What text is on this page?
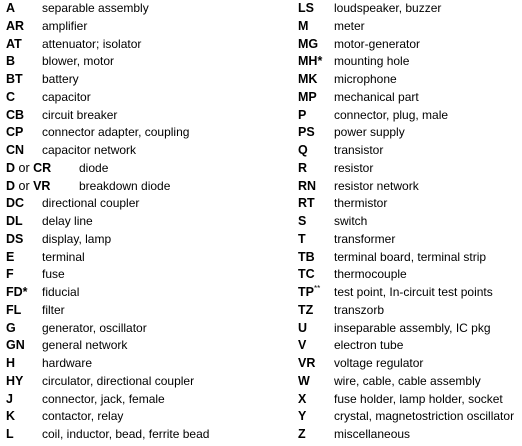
A separable assembly
AR amplifier
AT attenuator; isolator
B blower, motor
BT battery
C capacitor
CB circuit breaker
CP connector adapter, coupling
CN capacitor network
D or CR diode
D or VR breakdown diode
DC directional coupler
DL delay line
DS display, lamp
E terminal
F fuse
FD* fiducial
FL filter
G generator, oscillator
GN general network
H hardware
HY circulator, directional coupler
J connector, jack, female
K contactor, relay
L coil, inductor, bead, ferrite bead
LS loudspeaker, buzzer
M meter
MG motor-generator
MH* mounting hole
MK microphone
MP mechanical part
P connector, plug, male
PS power supply
Q transistor
R resistor
RN resistor network
RT thermistor
S switch
T transformer
TB terminal board, terminal strip
TC thermocouple
TP** test point, In-circuit test points
TZ transzorb
U inseparable assembly, IC pkg
V electron tube
VR voltage regulator
W wire, cable, cable assembly
X fuse holder, lamp holder, socket
Y crystal, magnetostriction oscillator
Z miscellaneous
